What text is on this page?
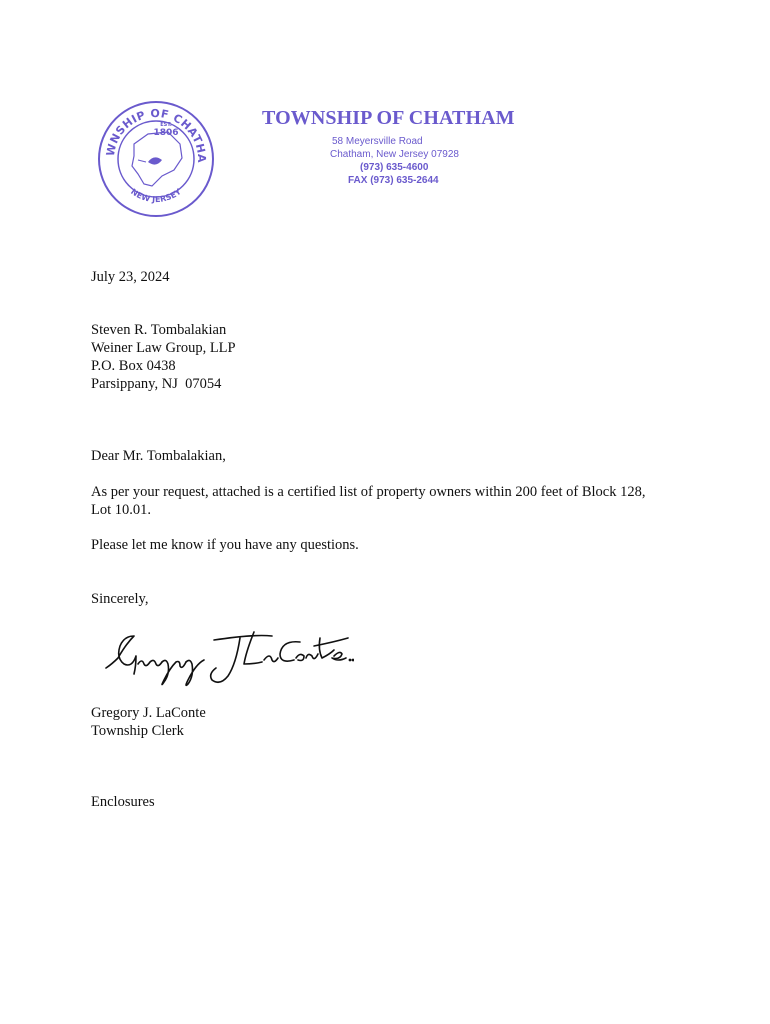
WNSHIP OF CHATHA
NEW JERSEY
EST.
1806

TOWNSHIP OF CHATHAM

58 Meyersville Road

Chatham, New Jersey 07928

(973) 635-4600

FAX (973) 635-2644

July 23, 2024

Steven R. Tombalakian

Weiner Law Group, LLP

P.O. Box 0438

Parsippany, NJ  07054

Dear Mr. Tombalakian,

As per your request, attached is a certified list of property owners within 200 feet of Block 128,

Lot 10.01.

Please let me know if you have any questions.

Sincerely,

Gregory J. LaConte

Township Clerk

Enclosures
